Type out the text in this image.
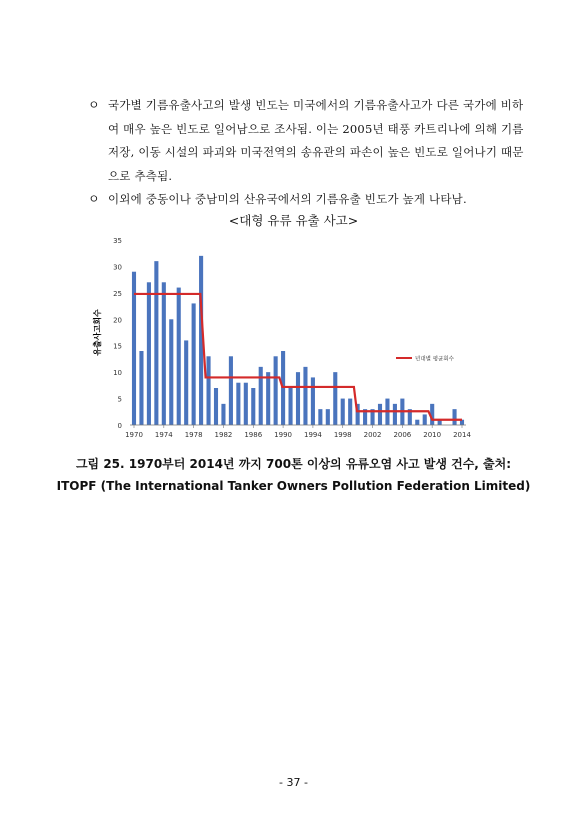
ㅇ 국가별 기름유출사고의 발생 빈도는 미국에서의 기름유출사고가 다른 국가에 비하여 매우 높은 빈도로 일어남으로 조사됨. 이는 2005년 태풍 카트리나에 의해 기름 저장, 이동 시설의 파괴와 미국전역의 송유관의 파손이 높은 빈도로 일어나기 때문으로 추측됨.
ㅇ 이외에 중동이나 중남미의 산유국에서의 기름유출 빈도가 높게 나타남.
<대형 유류 유출 사고>
유출사고회수
0
5
10
15
20
25
30
35
1970 1974 1978 1982 1986 1990 1994 1998 2002 2006 2010 2014
년대별 평균회수
그림 25. 1970부터 2014년 까지 700톤 이상의 유류오염 사고 발생 건수, 출처:
ITOPF (The International Tanker Owners Pollution Federation Limited)
- 37 -
